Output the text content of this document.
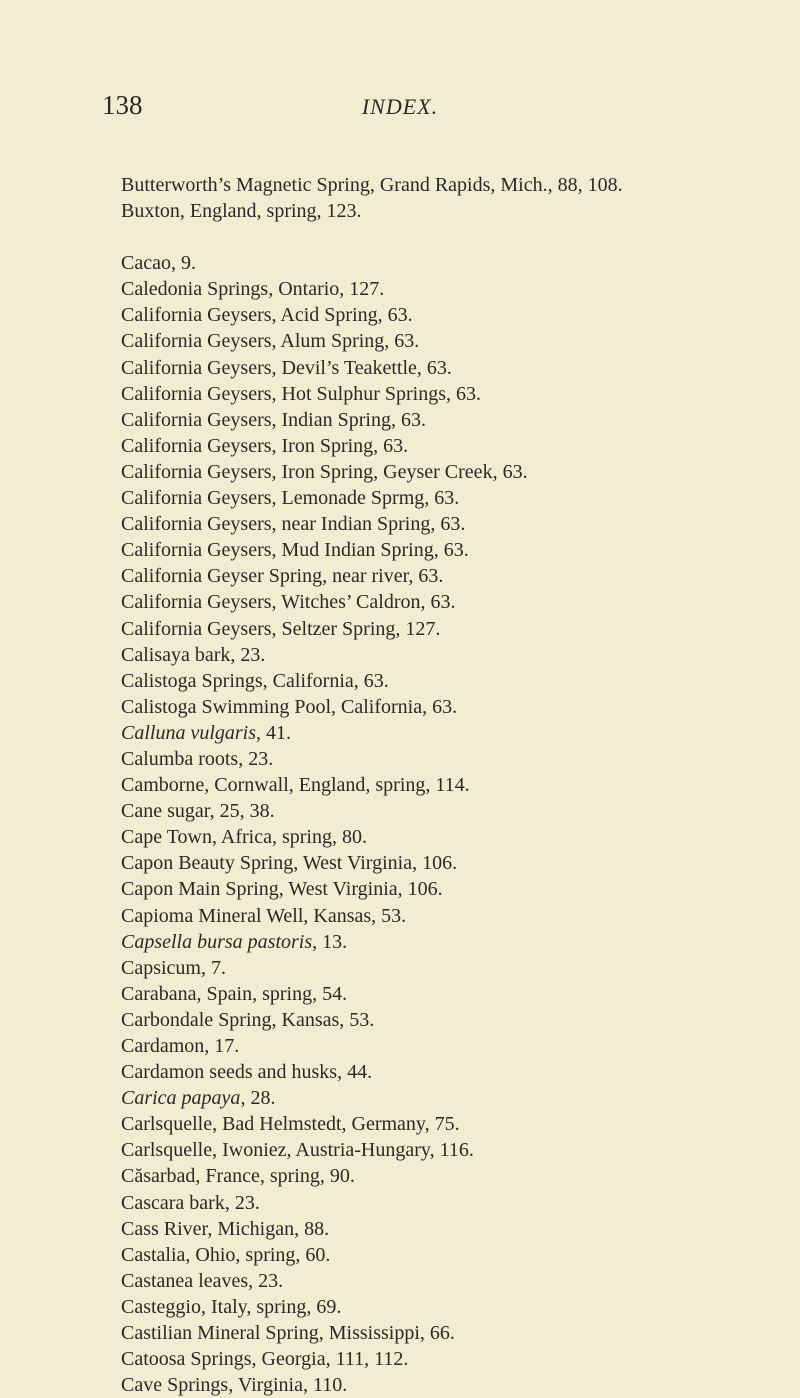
138	INDEX.
Butterworth’s Magnetic Spring, Grand Rapids, Mich., 88, 108.
Buxton, England, spring, 123.
Cacao, 9.
Caledonia Springs, Ontario, 127.
California Geysers, Acid Spring, 63.
California Geysers, Alum Spring, 63.
California Geysers, Devil’s Teakettle, 63.
California Geysers, Hot Sulphur Springs, 63.
California Geysers, Indian Spring, 63.
California Geysers, Iron Spring, 63.
California Geysers, Iron Spring, Geyser Creek, 63.
California Geysers, Lemonade Sprmg, 63.
California Geysers, near Indian Spring, 63.
California Geysers, Mud Indian Spring, 63.
California Geyser Spring, near river, 63.
California Geysers, Witches’ Caldron, 63.
California Geysers, Seltzer Spring, 127.
Calisaya bark, 23.
Calistoga Springs, California, 63.
Calistoga Swimming Pool, California, 63.
Calluna vulgaris, 41.
Calumba roots, 23.
Camborne, Cornwall, England, spring, 114.
Cane sugar, 25, 38.
Cape Town, Africa, spring, 80.
Capon Beauty Spring, West Virginia, 106.
Capon Main Spring, West Virginia, 106.
Capioma Mineral Well, Kansas, 53.
Capsella bursa pastoris, 13.
Capsicum, 7.
Carabana, Spain, spring, 54.
Carbondale Spring, Kansas, 53.
Cardamon, 17.
Cardamon seeds and husks, 44.
Carica papaya, 28.
Carlsquelle, Bad Helmstedt, Germany, 75.
Carlsquelle, Iwoniez, Austria-Hungary, 116.
Căsarbad, France, spring, 90.
Cascara bark, 23.
Cass River, Michigan, 88.
Castalia, Ohio, spring, 60.
Castanea leaves, 23.
Casteggio, Italy, spring, 69.
Castilian Mineral Spring, Mississippi, 66.
Catoosa Springs, Georgia, 111, 112.
Cave Springs, Virginia, 110.
